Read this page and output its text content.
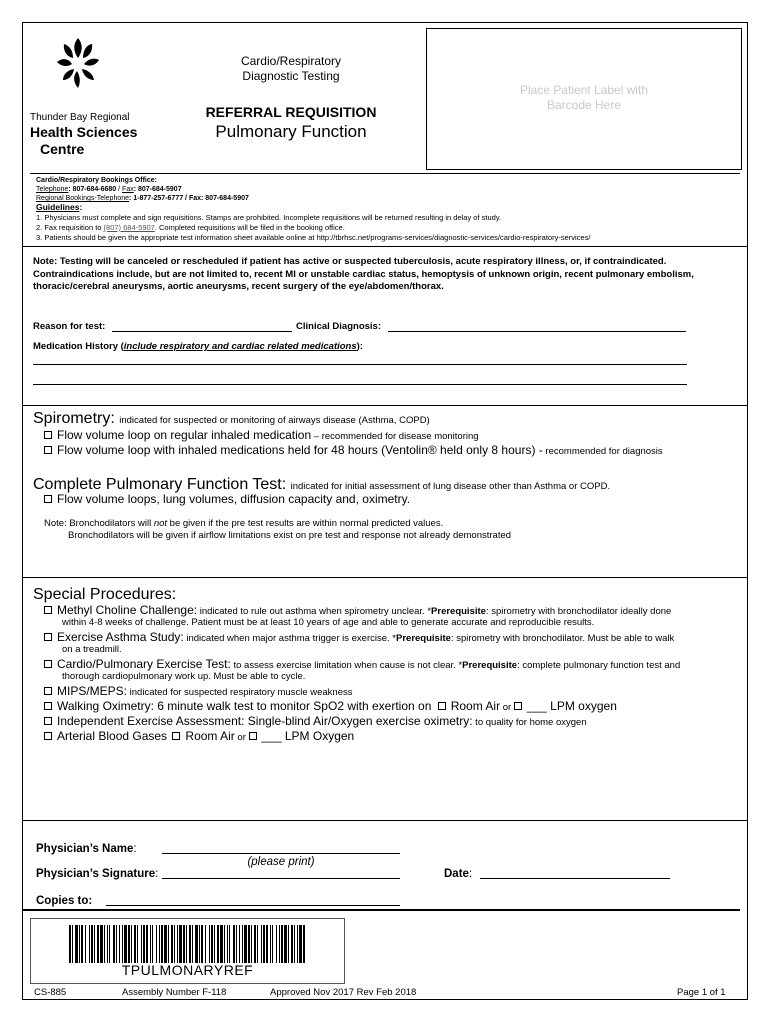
Thunder Bay Regional
Health Sciences
Centre
Cardio/Respiratory
Diagnostic Testing
REFERRAL REQUISITION
Pulmonary Function
Place Patient Label with
Barcode Here
Cardio/Respiratory Bookings Office:
Telephone: 807-684-6680 / Fax: 807-684-5907
Regional Bookings-Telephone: 1-877-257-6777 / Fax: 807-684-5907
Guidelines:
1. Physicians must complete and sign requisitions. Stamps are prohibited. Incomplete requisitions will be returned resulting in delay of study.
2. Fax requisition to (807) 684-5907. Completed requisitions will be filed in the booking office.
3. Patients should be given the appropriate test information sheet available online at http://tbrhsc.net/programs-services/diagnostic-services/cardio-respiratory-services/
Note: Testing will be canceled or rescheduled if patient has active or suspected tuberculosis, acute respiratory illness, or, if contraindicated.
Contraindications include, but are not limited to, recent MI or unstable cardiac status, hemoptysis of unknown origin, recent pulmonary embolism,
thoracic/cerebral aneurysms, aortic aneurysms, recent surgery of the eye/abdomen/thorax.
Reason for test:	Clinical Diagnosis:
Medication History (include respiratory and cardiac related medications):
Spirometry: indicated for suspected or monitoring of airways disease (Asthma, COPD)
Flow volume loop on regular inhaled medication – recommended for disease monitoring
Flow volume loop with inhaled medications held for 48 hours (Ventolin® held only 8 hours) - recommended for diagnosis
Complete Pulmonary Function Test: indicated for initial assessment of lung disease other than Asthma or COPD.
Flow volume loops, lung volumes, diffusion capacity and, oximetry.
Note: Bronchodilators will not be given if the pre test results are within normal predicted values.
Bronchodilators will be given if airflow limitations exist on pre test and response not already demonstrated
Special Procedures:
Methyl Choline Challenge: indicated to rule out asthma when spirometry unclear. *Prerequisite: spirometry with bronchodilator ideally done
within 4-8 weeks of challenge. Patient must be at least 10 years of age and able to generate accurate and reproducible results.
Exercise Asthma Study: indicated when major asthma trigger is exercise. *Prerequisite: spirometry with bronchodilator. Must be able to walk
on a treadmill.
Cardio/Pulmonary Exercise Test: to assess exercise limitation when cause is not clear. *Prerequisite: complete pulmonary function test and
thorough cardiopulmonary work up. Must be able to cycle.
MIPS/MEPS: indicated for suspected respiratory muscle weakness
Walking Oximetry: 6 minute walk test to monitor SpO2 with exertion on Room Air or ___ LPM oxygen
Independent Exercise Assessment: Single-blind Air/Oxygen exercise oximetry: to quality for home oxygen
Arterial Blood Gases Room Air or ___ LPM Oxygen
Physician’s Name:
(please print)
Physician’s Signature:	Date:
Copies to:
TPULMONARYREF
CS-885	Assembly Number F-118	Approved Nov 2017 Rev Feb 2018	Page 1 of 1
